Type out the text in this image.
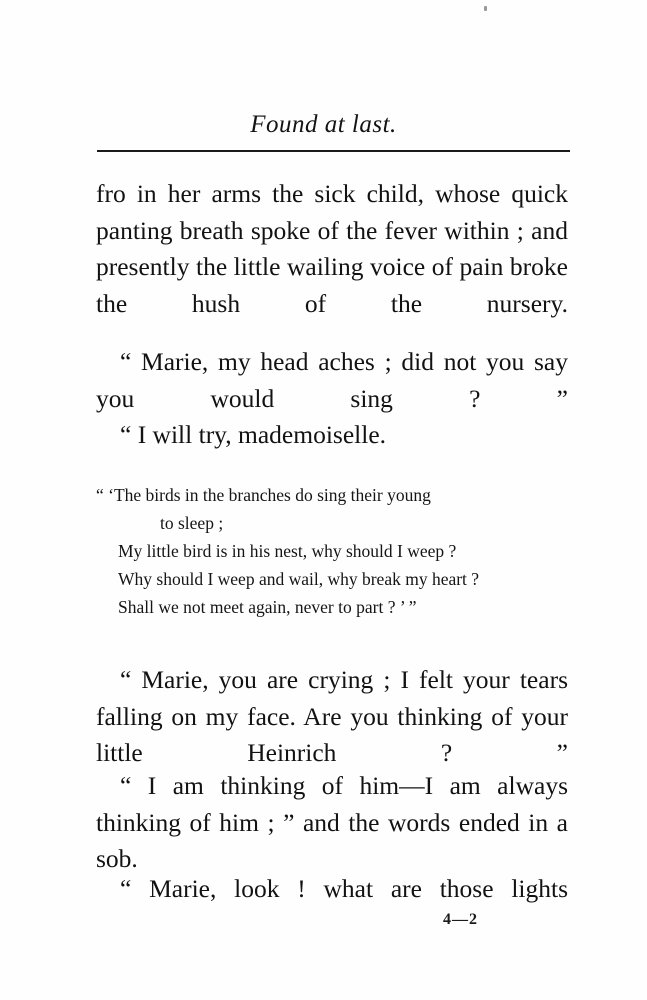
Found at last.

fro in her arms the sick child, whose quick panting breath spoke of the fever within ; and presently the little wailing voice of pain broke the hush of the nursery.

“ Marie, my head aches ; did not you say you would sing ? ”

“ I will try, mademoiselle.

“ ‘The birds in the branches do sing their young
to sleep ;
My little bird is in his nest, why should I weep ?
Why should I weep and wail, why break my heart ?
Shall we not meet again, never to part ? ’ ”

“ Marie, you are crying ; I felt your tears falling on my face. Are you thinking of your little Heinrich ? ”

“ I am thinking of him—I am always thinking of him ; ” and the words ended in a sob.

“ Marie, look ! what are those lights

4—2
